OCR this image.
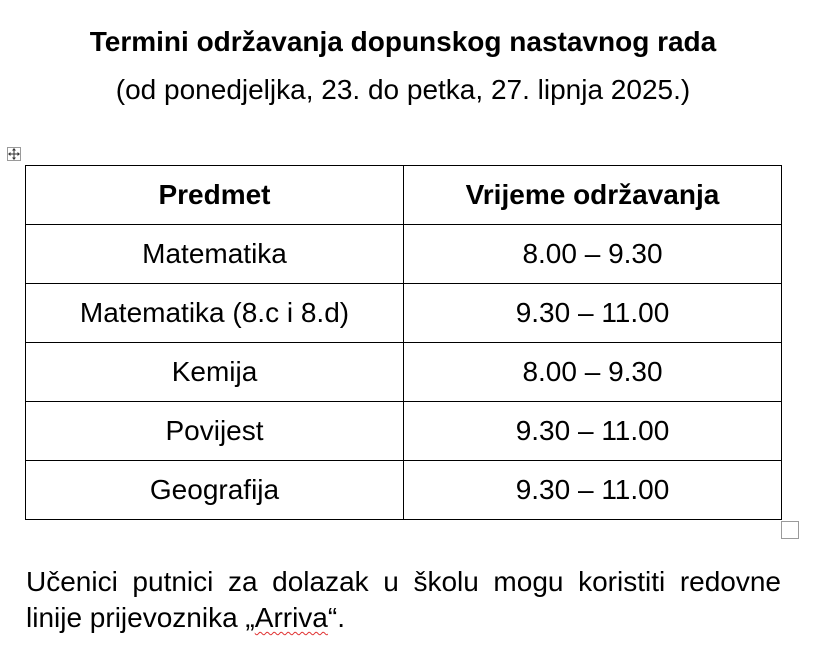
Termini održavanja dopunskog nastavnog rada
(od ponedjeljka, 23. do petka, 27. lipnja 2025.)
Predmet	Vrijeme održavanja
Matematika	8.00 – 9.30
Matematika (8.c i 8.d)	9.30 – 11.00
Kemija	8.00 – 9.30
Povijest	9.30 – 11.00
Geografija	9.30 – 11.00

Učenici putnici za dolazak u školu mogu koristiti redovne linije prijevoznika „Arriva“.
